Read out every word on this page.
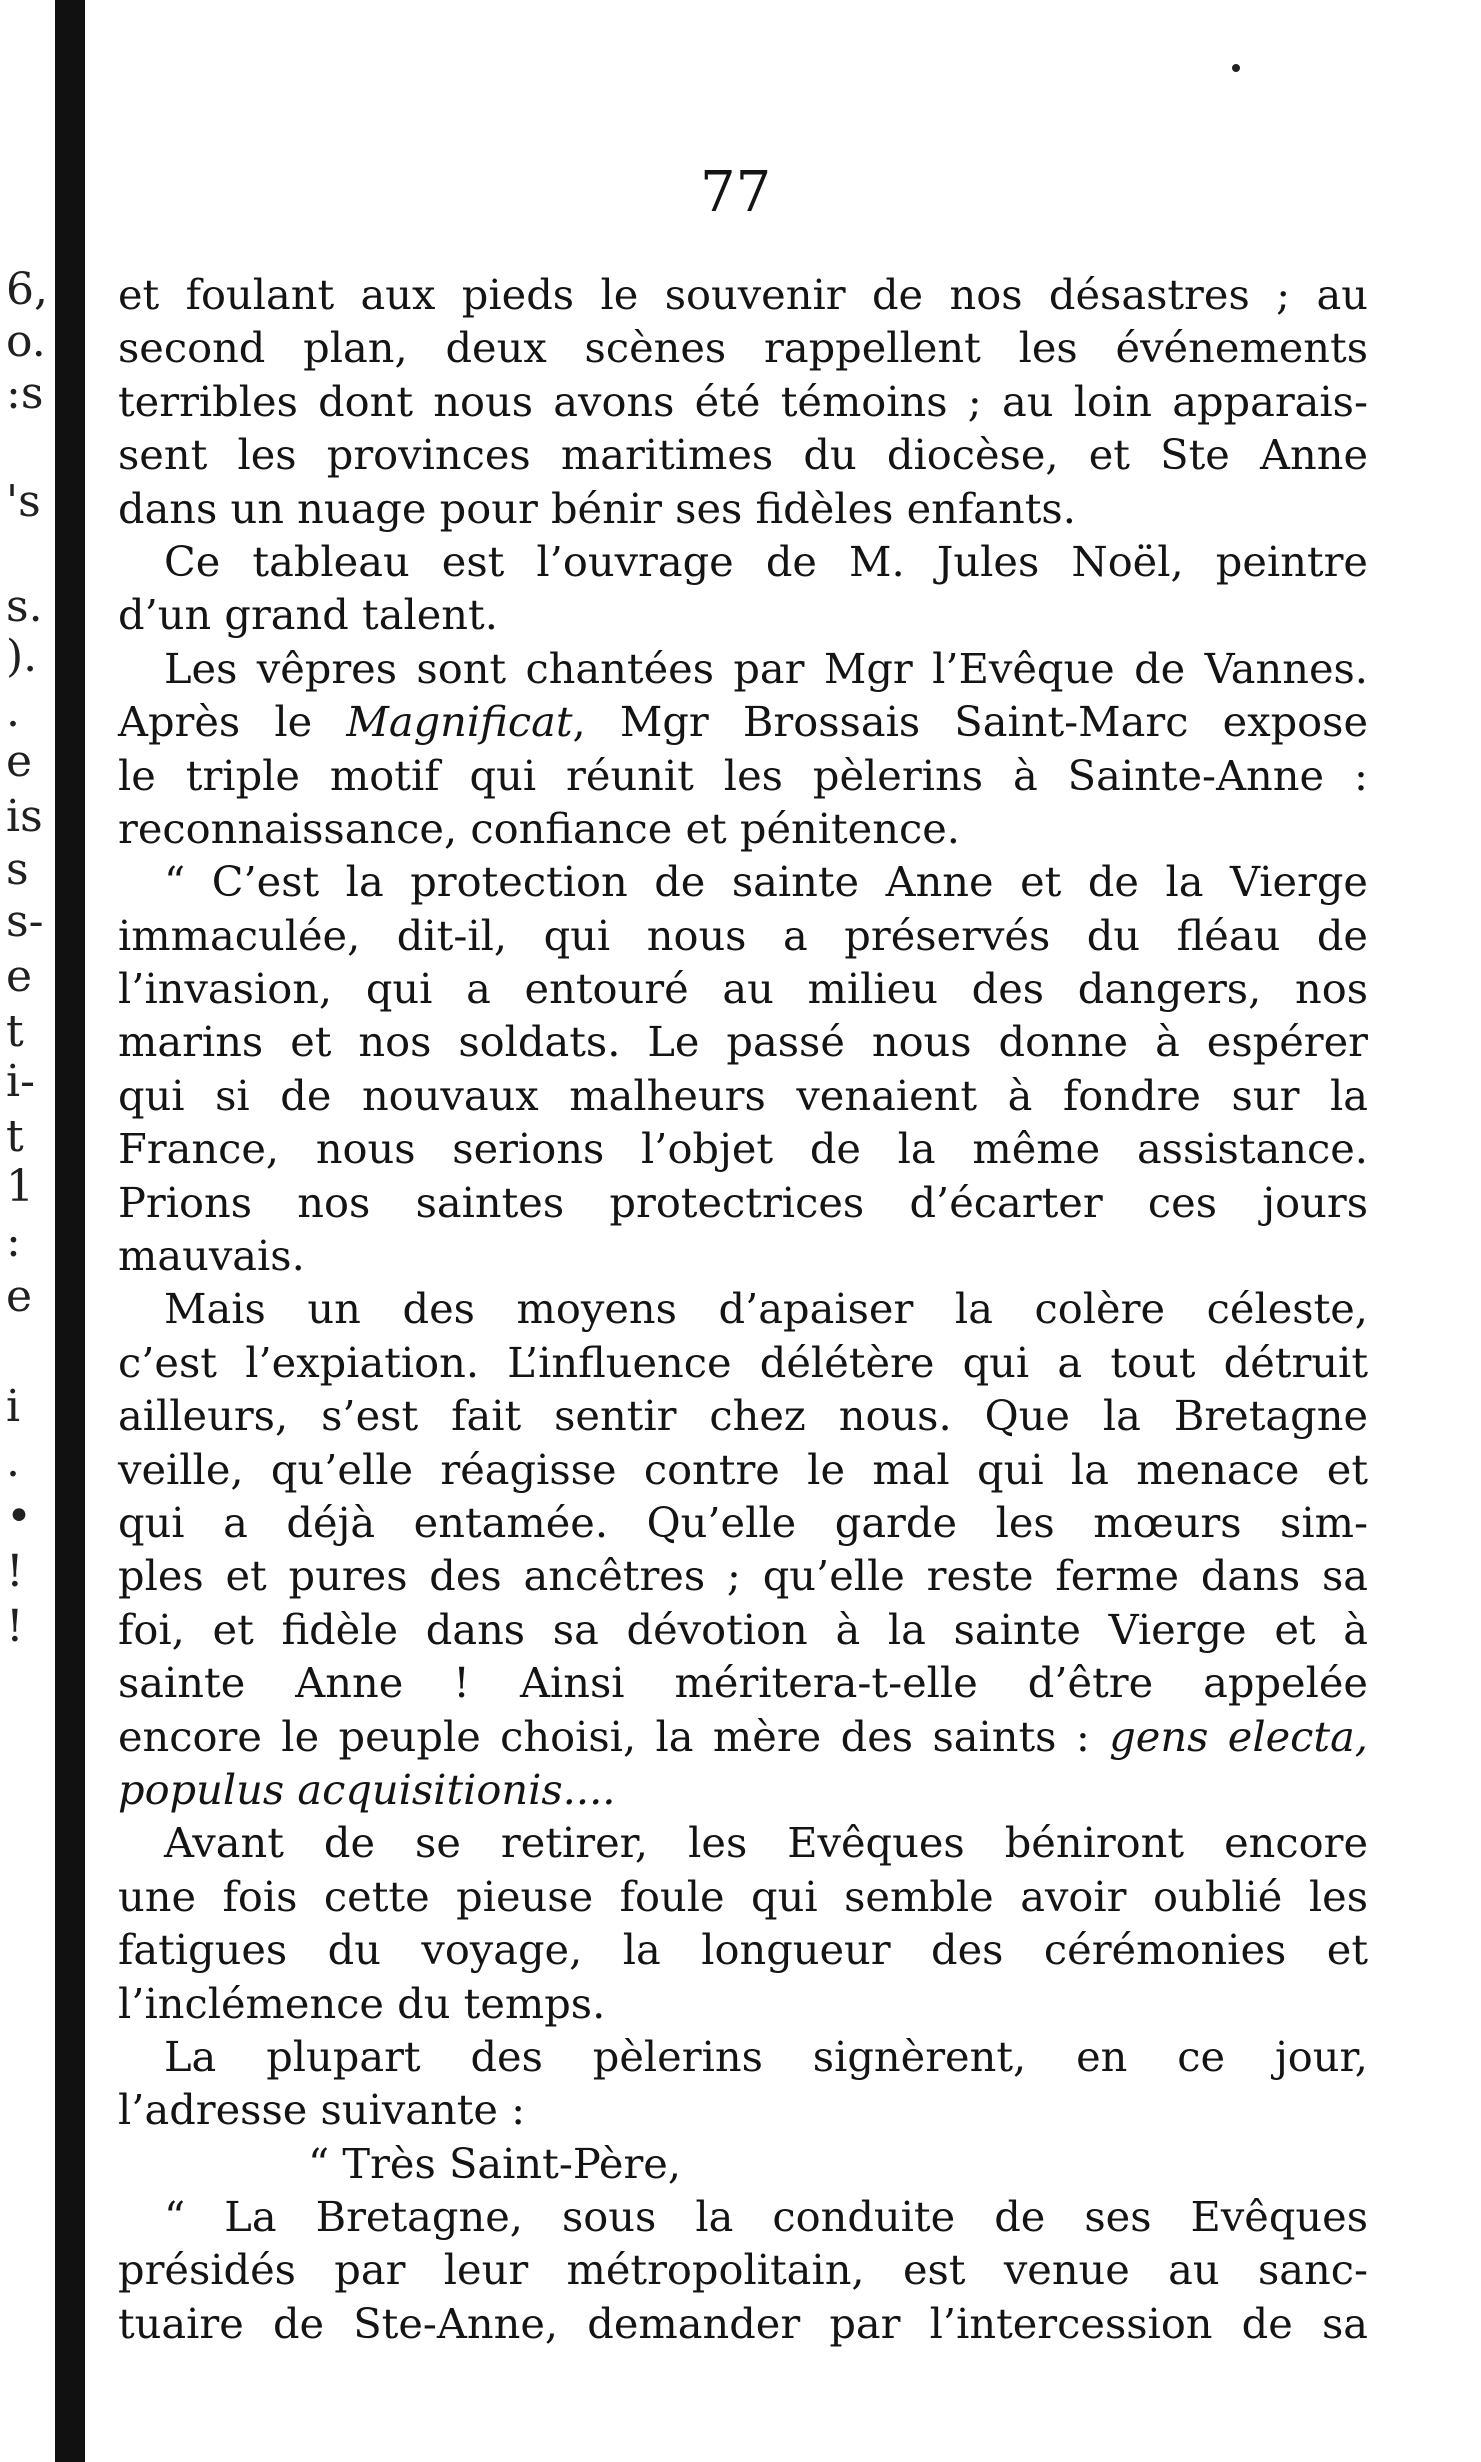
6,
o.
:s
's
s.
).
.
e
is
s
s-
e
t
i-
t
1
:
e
i
.
•
!
!
77
et foulant aux pieds le souvenir de nos désastres ; au
second plan, deux scènes rappellent les événements
terribles dont nous avons été témoins ; au loin apparais-
sent les provinces maritimes du diocèse, et Ste Anne
dans un nuage pour bénir ses fidèles enfants.
Ce tableau est l’ouvrage de M. Jules Noël, peintre
d’un grand talent.
Les vêpres sont chantées par Mgr l’Evêque de Vannes.
Après le Magnificat, Mgr Brossais Saint-Marc expose
le triple motif qui réunit les pèlerins à Sainte-Anne :
reconnaissance, confiance et pénitence.
“ C’est la protection de sainte Anne et de la Vierge
immaculée, dit-il, qui nous a préservés du fléau de
l’invasion, qui a entouré au milieu des dangers, nos
marins et nos soldats. Le passé nous donne à espérer
qui si de nouvaux malheurs venaient à fondre sur la
France, nous serions l’objet de la même assistance.
Prions nos saintes protectrices d’écarter ces jours
mauvais.
Mais un des moyens d’apaiser la colère céleste,
c’est l’expiation. L’influence délétère qui a tout détruit
ailleurs, s’est fait sentir chez nous. Que la Bretagne
veille, qu’elle réagisse contre le mal qui la menace et
qui a déjà entamée. Qu’elle garde les mœurs sim-
ples et pures des ancêtres ; qu’elle reste ferme dans sa
foi, et fidèle dans sa dévotion à la sainte Vierge et à
sainte Anne ! Ainsi méritera-t-elle d’être appelée
encore le peuple choisi, la mère des saints : gens electa,
populus acquisitionis....
Avant de se retirer, les Evêques béniront encore
une fois cette pieuse foule qui semble avoir oublié les
fatigues du voyage, la longueur des cérémonies et
l’inclémence du temps.
La plupart des pèlerins signèrent, en ce jour,
l’adresse suivante :
“ Très Saint-Père,
“ La Bretagne, sous la conduite de ses Evêques
présidés par leur métropolitain, est venue au sanc-
tuaire de Ste-Anne, demander par l’intercession de sa
